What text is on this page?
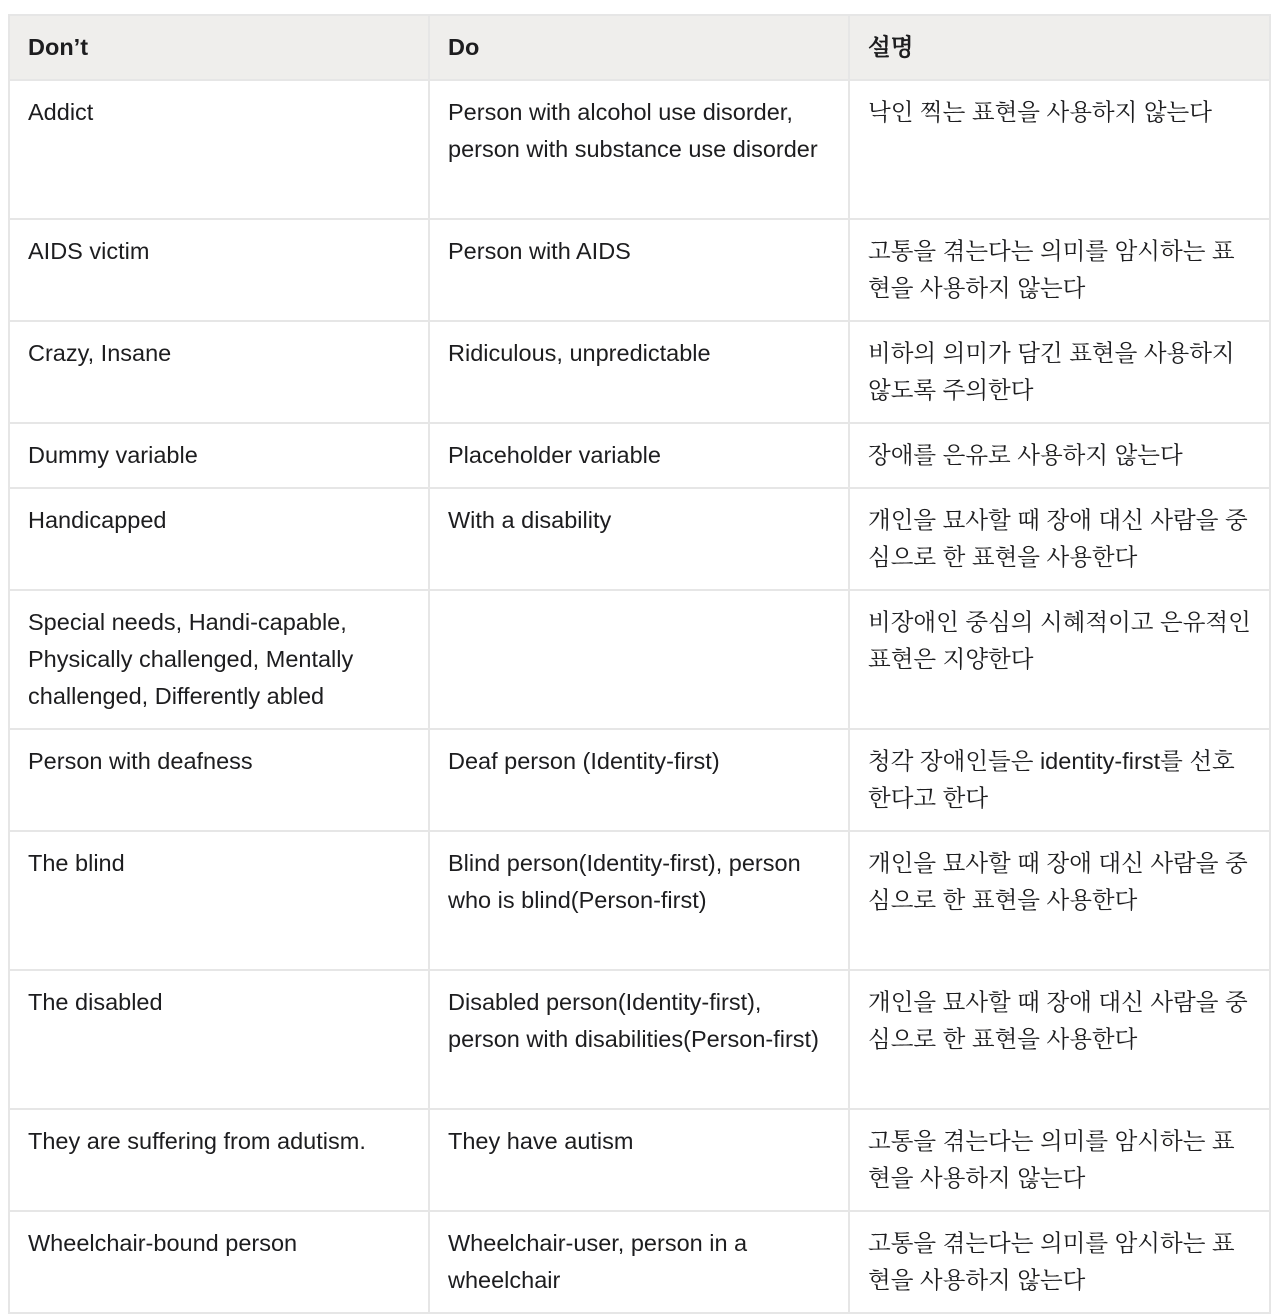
Don’t	Do	설명
Addict	Person with alcohol use disorder, person with substance use disorder	낙인 찍는 표현을 사용하지 않는다
AIDS victim	Person with AIDS	고통을 겪는다는 의미를 암시하는 표현을 사용하지 않는다
Crazy, Insane	Ridiculous, unpredictable	비하의 의미가 담긴 표현을 사용하지 않도록 주의한다
Dummy variable	Placeholder variable	장애를 은유로 사용하지 않는다
Handicapped	With a disability	개인을 묘사할 때 장애 대신 사람을 중심으로 한 표현을 사용한다
Special needs, Handi-capable, Physically challenged, Mentally challenged, Differently abled		비장애인 중심의 시혜적이고 은유적인 표현은 지양한다
Person with deafness	Deaf person (Identity-first)	청각 장애인들은 identity-first를 선호한다고 한다
The blind	Blind person(Identity-first), person who is blind(Person-first)	개인을 묘사할 때 장애 대신 사람을 중심으로 한 표현을 사용한다
The disabled	Disabled person(Identity-first), person with disabilities(Person-first)	개인을 묘사할 때 장애 대신 사람을 중심으로 한 표현을 사용한다
They are suffering from adutism.	They have autism	고통을 겪는다는 의미를 암시하는 표현을 사용하지 않는다
Wheelchair-bound person	Wheelchair-user, person in a wheelchair	고통을 겪는다는 의미를 암시하는 표현을 사용하지 않는다
